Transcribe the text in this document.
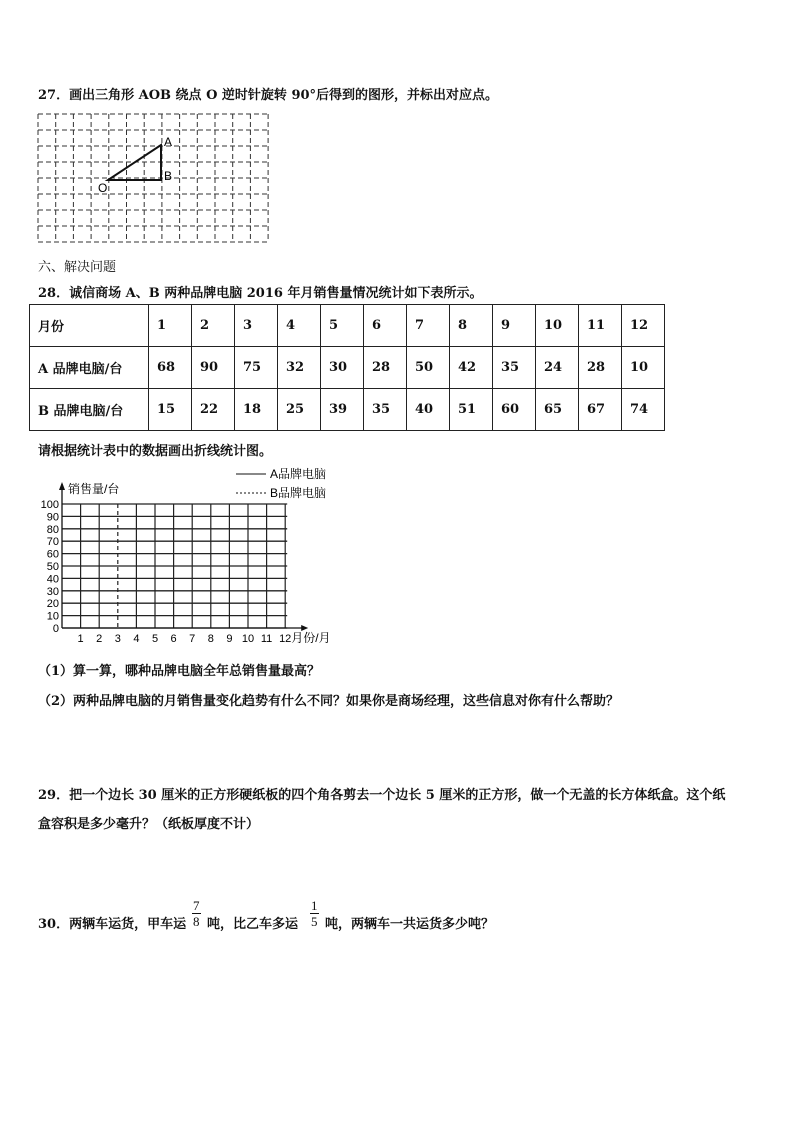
27．画出三角形 AOB 绕点 O 逆时针旋转 90°后得到的图形，并标出对应点。
O
A
B
六、解决问题
28．诚信商场 A、B 两种品牌电脑 2016 年月销售量情况统计如下表所示。
月份	1	2	3	4	5	6	7	8	9	10	11	12
A 品牌电脑/台	68	90	75	32	30	28	50	42	35	24	28	10
B 品牌电脑/台	15	22	18	25	39	35	40	51	60	65	67	74
请根据统计表中的数据画出折线统计图。
0
10
20
30
40
50
60
70
80
90
100
1 2 3 4 5 6 7 8 9 10 11 12
销售量/台
月份/月
A品牌电脑
B品牌电脑
（1）算一算，哪种品牌电脑全年总销售量最高？
（2）两种品牌电脑的月销售量变化趋势有什么不同？如果你是商场经理，这些信息对你有什么帮助？
29．把一个边长 30 厘米的正方形硬纸板的四个角各剪去一个边长 5 厘米的正方形，做一个无盖的长方体纸盒。这个纸
盒容积是多少毫升？（纸板厚度不计）
30．两辆车运货，甲车运 $\frac{7}{8}$ 吨，比乙车多运 $\frac{1}{5}$ 吨，两辆车一共运货多少吨？
